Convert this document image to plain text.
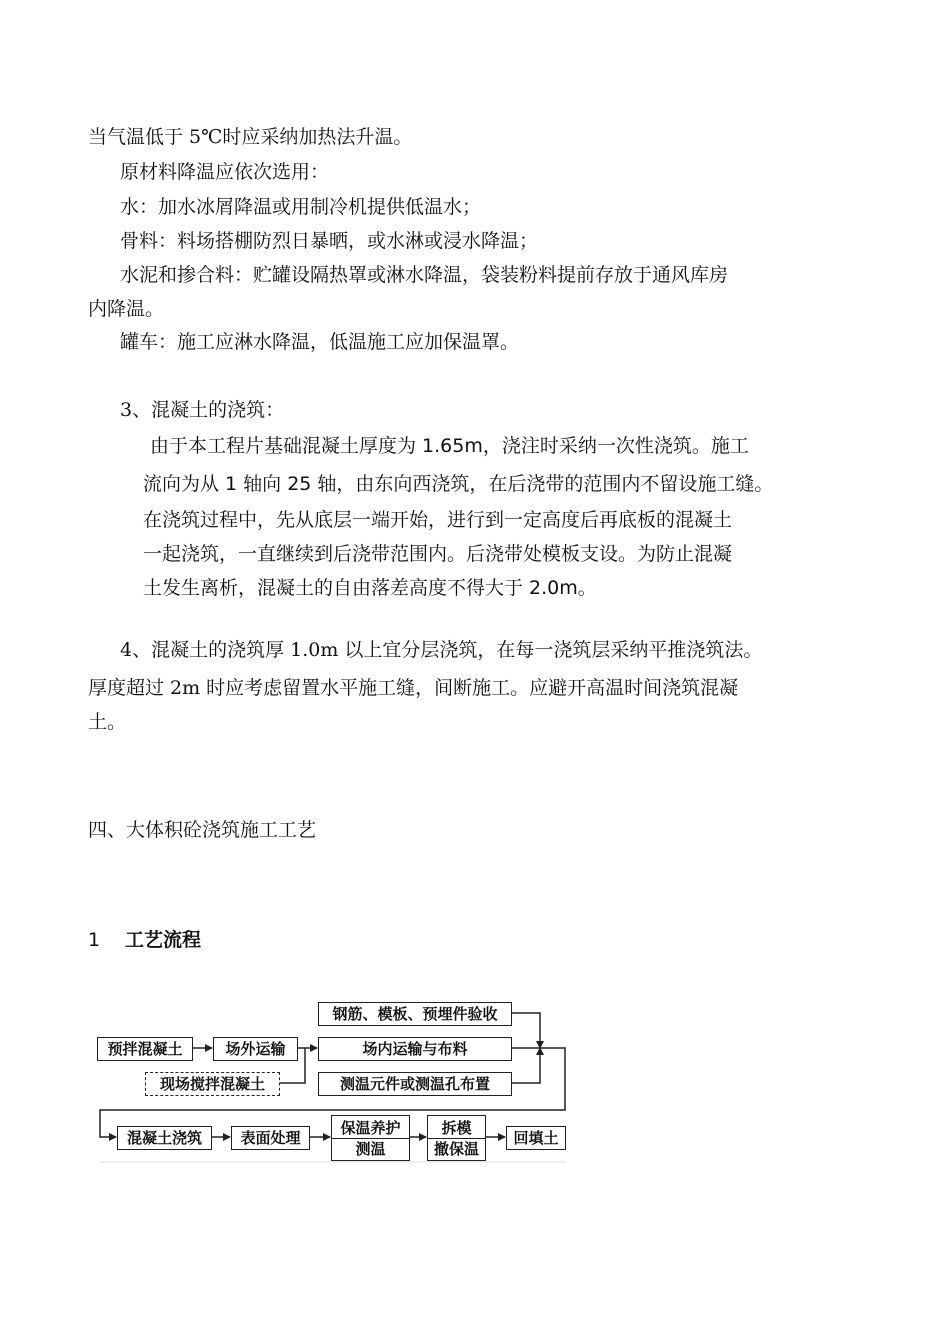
当气温低于 5℃时应采纳加热法升温。
原材料降温应依次选用：
水：加水冰屑降温或用制冷机提供低温水；
骨料：料场搭棚防烈日暴晒，或水淋或浸水降温；
水泥和掺合料：贮罐设隔热罩或淋水降温，袋装粉料提前存放于通风库房
内降温。
罐车：施工应淋水降温，低温施工应加保温罩。
3、混凝土的浇筑：
由于本工程片基础混凝土厚度为 1.65m，浇注时采纳一次性浇筑。施工
流向为从 1 轴向 25 轴，由东向西浇筑，在后浇带的范围内不留设施工缝。
在浇筑过程中，先从底层一端开始，进行到一定高度后再底板的混凝土
一起浇筑，一直继续到后浇带范围内。后浇带处模板支设。为防止混凝
土发生离析，混凝土的自由落差高度不得大于 2.0m。
4、混凝土的浇筑厚 1.0m 以上宜分层浇筑，在每一浇筑层采纳平推浇筑法。
厚度超过 2m 时应考虑留置水平施工缝，间断施工。应避开高温时间浇筑混凝
土。
四、大体积砼浇筑施工工艺
1 工艺流程
预拌混凝土	场外运输
现场搅拌混凝土
钢筋、模板、预埋件验收
场内运输与布料
测温元件或测温孔布置
混凝土浇筑	表面处理
保温养护
测温
拆模
撤保温
回填土
